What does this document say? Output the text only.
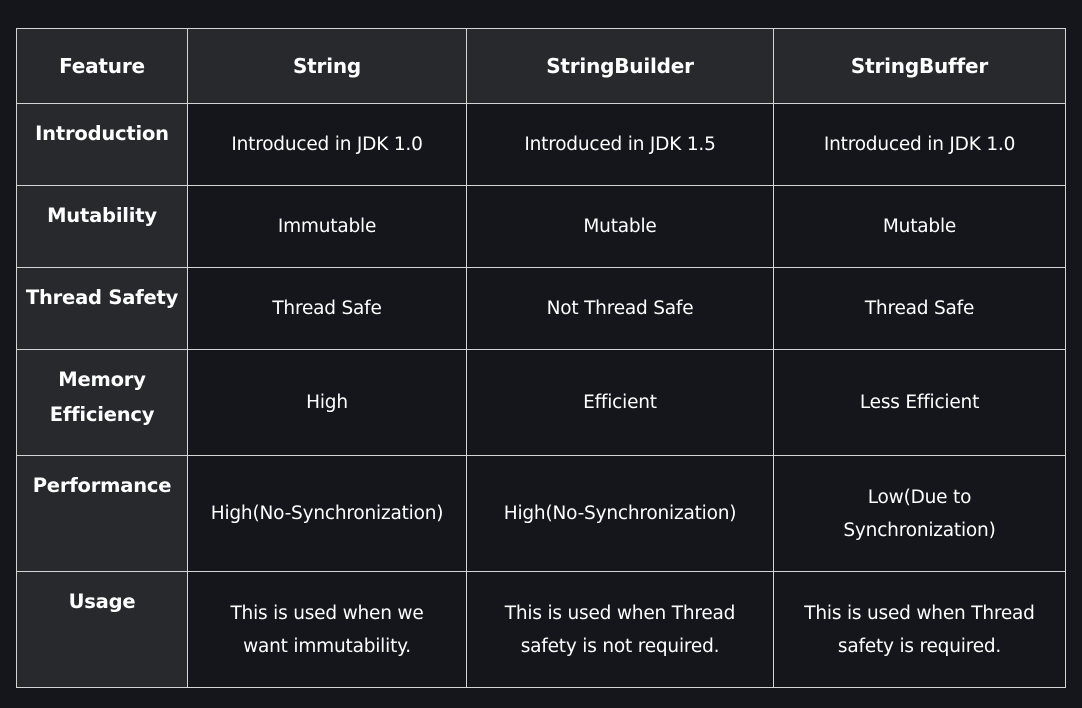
Feature	String	StringBuilder	StringBuffer
Introduction	Introduced in JDK 1.0	Introduced in JDK 1.5	Introduced in JDK 1.0
Mutability	Immutable	Mutable	Mutable
Thread Safety	Thread Safe	Not Thread Safe	Thread Safe
Memory Efficiency	High	Efficient	Less Efficient
Performance	High(No-Synchronization)	High(No-Synchronization)	Low(Due to Synchronization)
Usage	This is used when we want immutability.	This is used when Thread safety is not required.	This is used when Thread safety is required.
